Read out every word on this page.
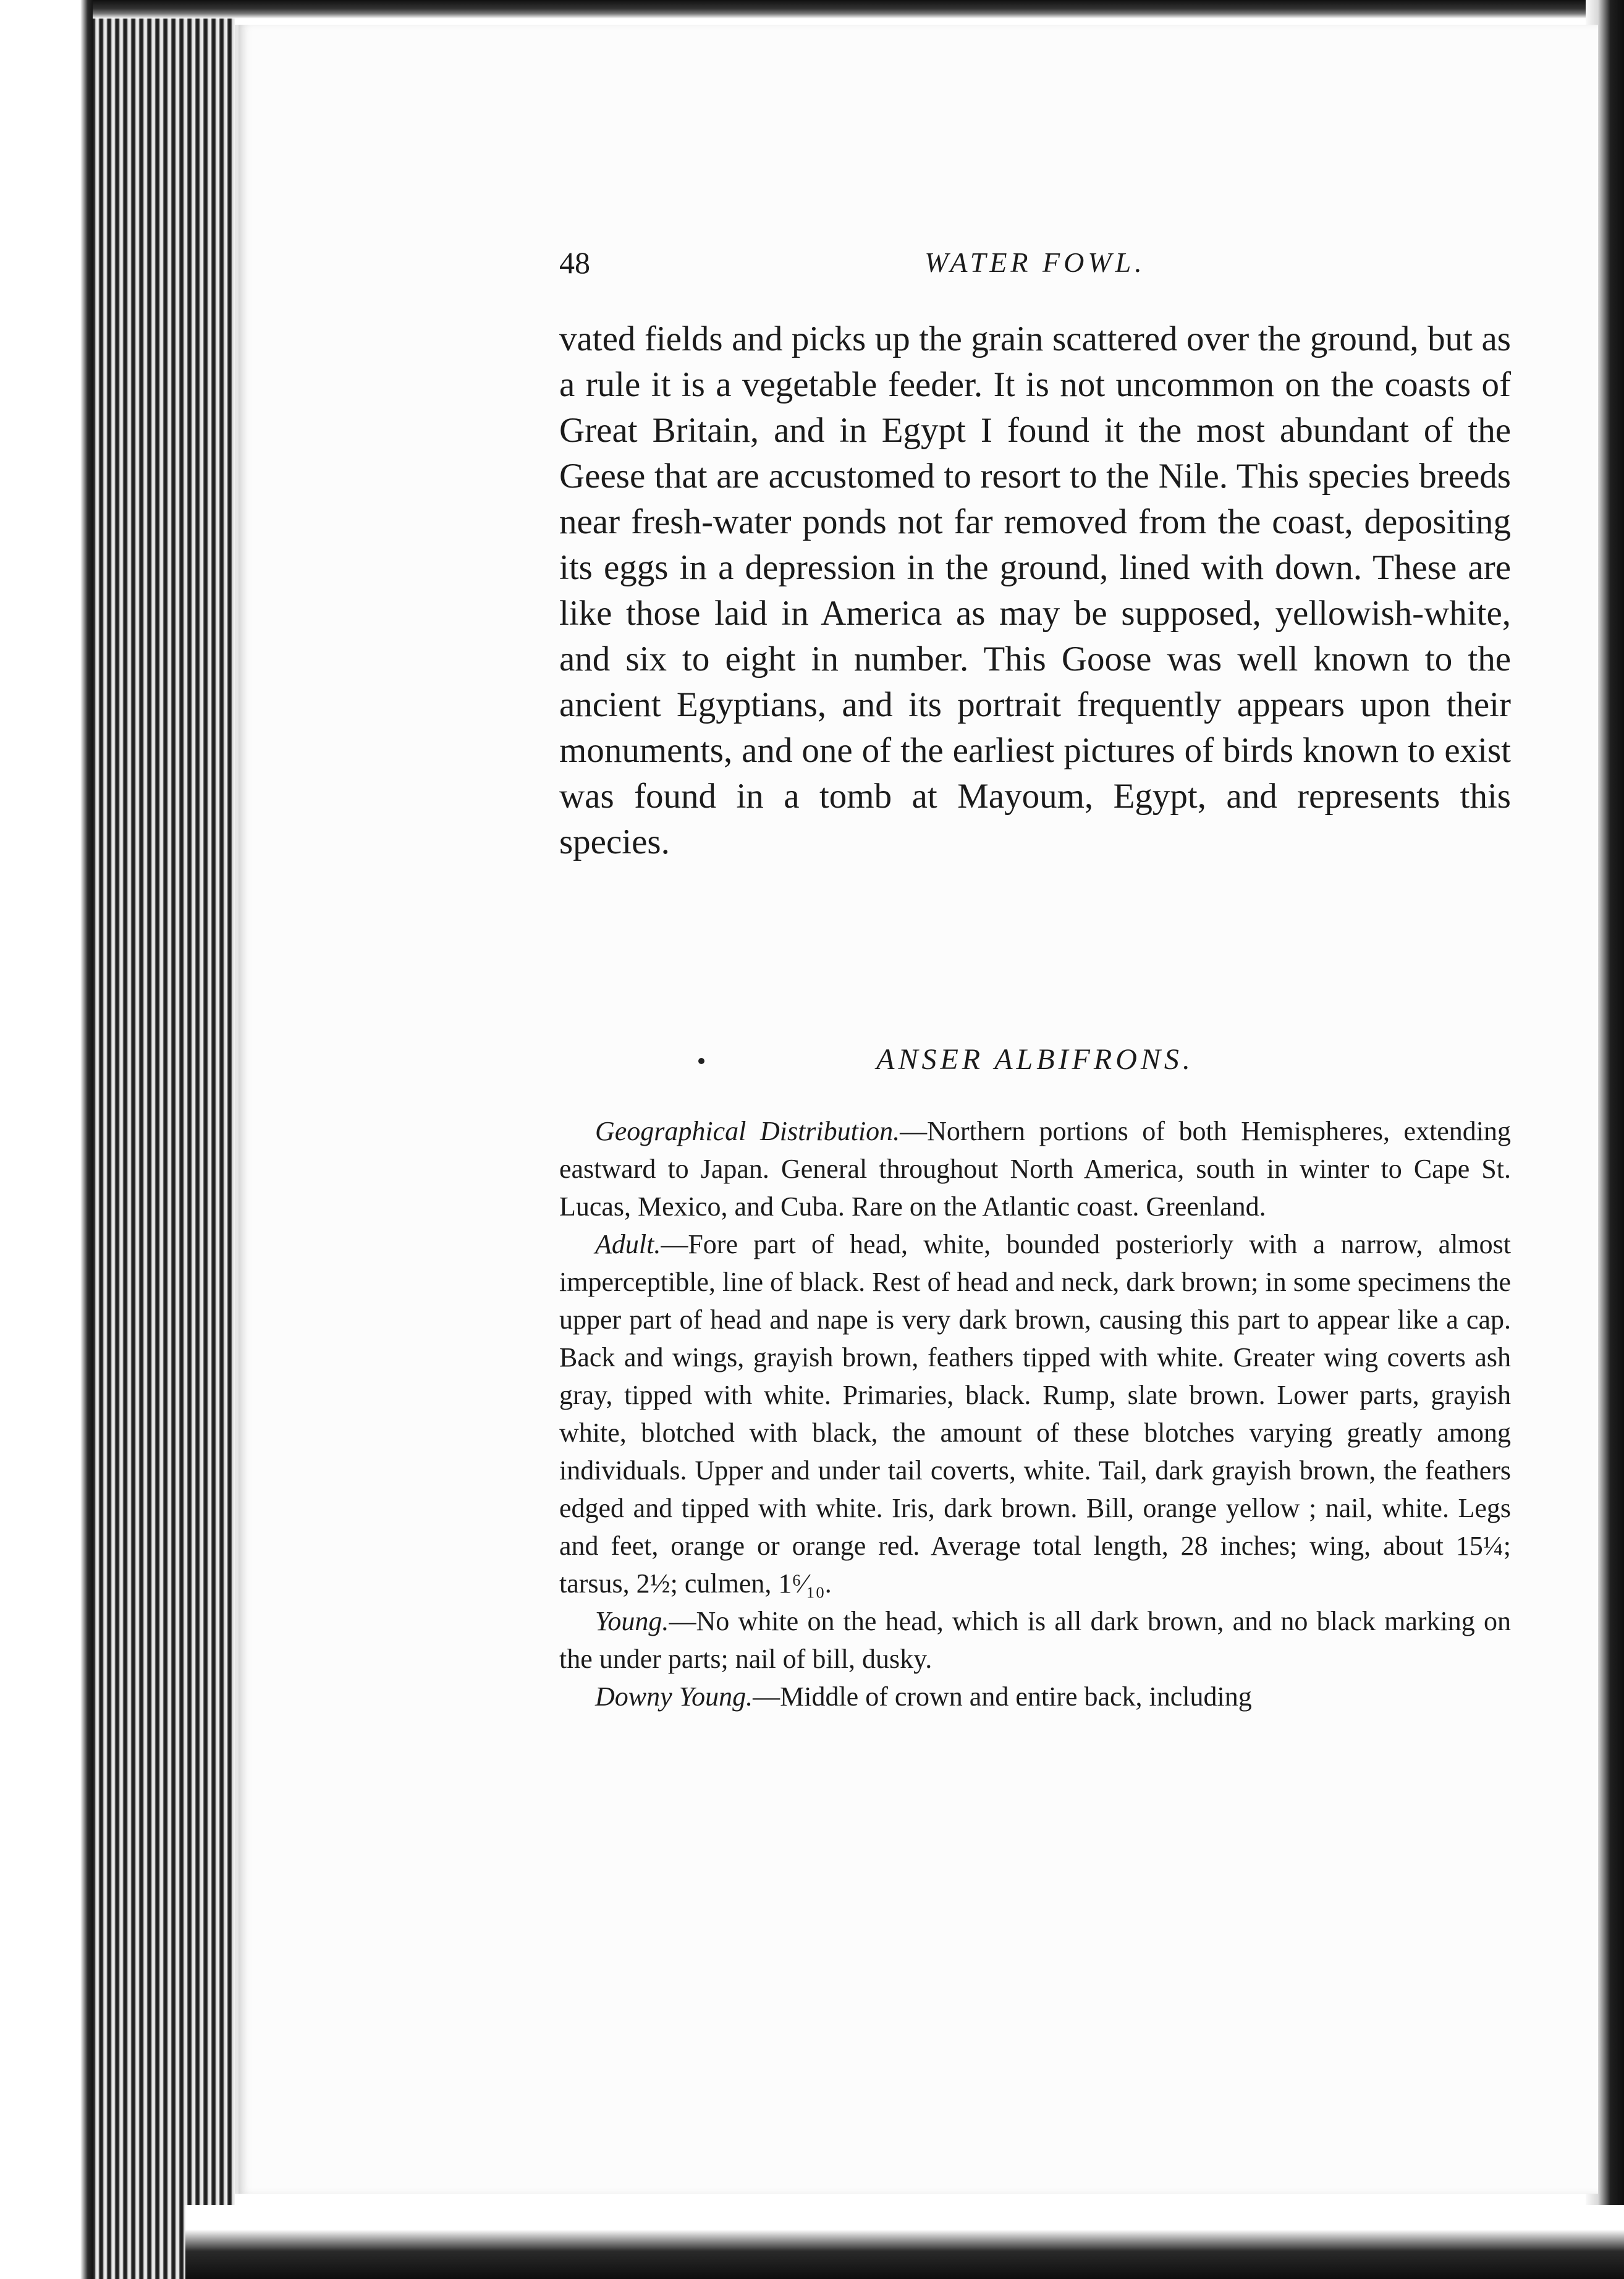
48	WATER FOWL.

vated fields and picks up the grain scattered over the ground, but as a rule it is a vegetable feeder. It is not uncommon on the coasts of Great Britain, and in Egypt I found it the most abundant of the Geese that are accustomed to resort to the Nile. This species breeds near fresh-water ponds not far removed from the coast, depositing its eggs in a depression in the ground, lined with down. These are like those laid in America as may be supposed, yellowish-white, and six to eight in number. This Goose was well known to the ancient Egyptians, and its portrait frequently appears upon their monuments, and one of the earliest pictures of birds known to exist was found in a tomb at Mayoum, Egypt, and represents this species.

ANSER ALBIFRONS.

Geographical Distribution.—Northern portions of both Hemispheres, extending eastward to Japan. General throughout North America, south in winter to Cape St. Lucas, Mexico, and Cuba. Rare on the Atlantic coast. Greenland.

Adult.—Fore part of head, white, bounded posteriorly with a narrow, almost imperceptible, line of black. Rest of head and neck, dark brown; in some specimens the upper part of head and nape is very dark brown, causing this part to appear like a cap. Back and wings, grayish brown, feathers tipped with white. Greater wing coverts ash gray, tipped with white. Primaries, black. Rump, slate brown. Lower parts, grayish white, blotched with black, the amount of these blotches varying greatly among individuals. Upper and under tail coverts, white. Tail, dark grayish brown, the feathers edged and tipped with white. Iris, dark brown. Bill, orange yellow ; nail, white. Legs and feet, orange or orange red. Average total length, 28 inches; wing, about 15¼; tarsus, 2½; culmen, 1⁶⁄₁₀.

Young.—No white on the head, which is all dark brown, and no black marking on the under parts; nail of bill, dusky.

Downy Young.—Middle of crown and entire back, including
